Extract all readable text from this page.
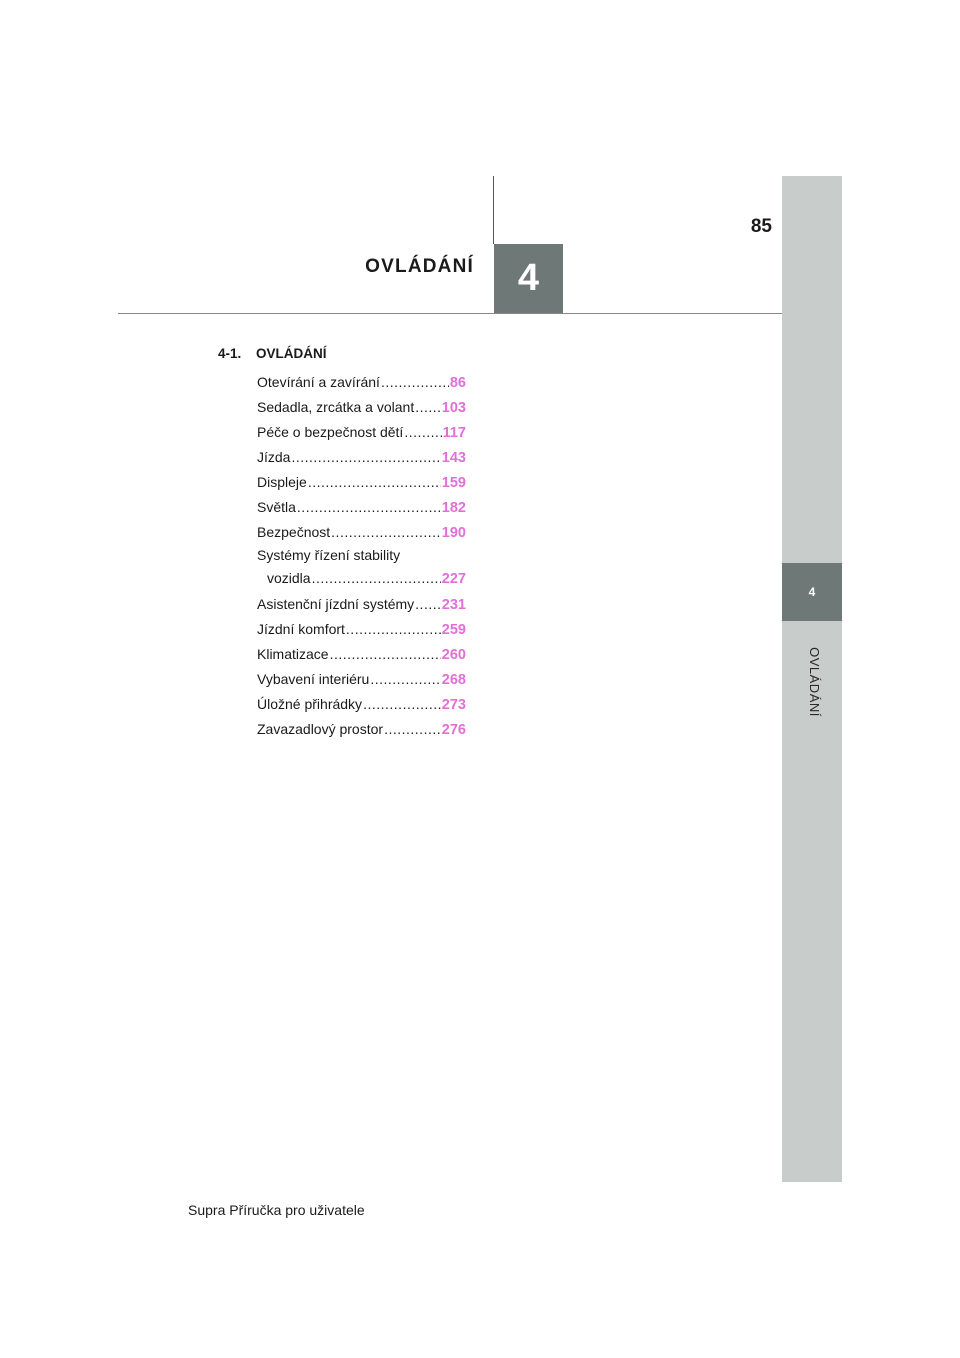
4
OVLÁDÁNÍ
4
OVLÁDÁNÍ
85
4-1. OVLÁDÁNÍ
Otevírání a zavírání .....	86
Sedadla, zrcátka a volant ..... 103
Péče o bezpečnost dětí .....	117
Jízda .....	143
Displeje .....	159
Světla .....	182
Bezpečnost .....	190
Systémy řízení stability
vozidla .....	227
Asistenční jízdní systémy ..... 231
Jízdní komfort .....	259
Klimatizace .....	260
Vybavení interiéru .....	268
Úložné přihrádky .....	273
Zavazadlový prostor .....	276
Supra Příručka pro uživatele
